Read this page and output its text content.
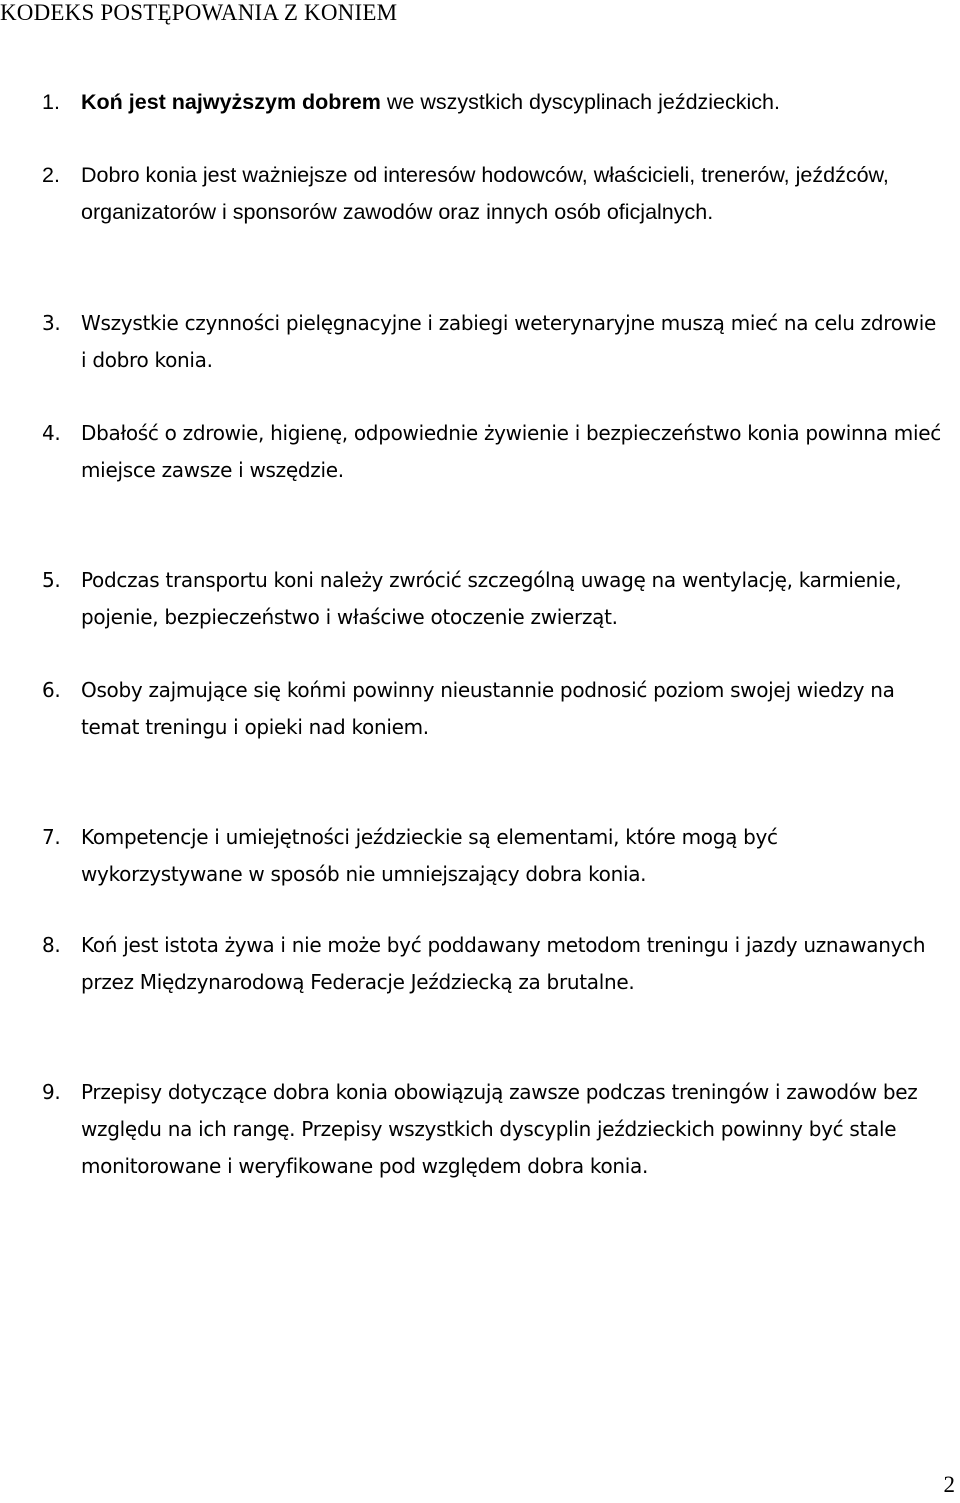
KODEKS POSTĘPOWANIA Z KONIEM
1. Koń jest najwyższym dobrem we wszystkich dyscyplinach jeździeckich.
2. Dobro konia jest ważniejsze od interesów hodowców, właścicieli, trenerów, jeźdźców, organizatorów i sponsorów zawodów oraz innych osób oficjalnych.
3.	Wszystkie czynności pielęgnacyjne i zabiegi weterynaryjne muszą mieć na celu zdrowie i dobro konia.
4.	Dbałość o zdrowie, higienę, odpowiednie żywienie i bezpieczeństwo konia powinna mieć miejsce zawsze i wszędzie.
5.	Podczas transportu koni należy zwrócić szczególną uwagę na wentylację, karmienie, pojenie, bezpieczeństwo i właściwe otoczenie zwierząt.
6.	Osoby zajmujące się końmi powinny nieustannie podnosić poziom swojej wiedzy na temat treningu i opieki nad koniem.
7.	Kompetencje i umiejętności jeździeckie są elementami, które mogą być wykorzystywane w sposób nie umniejszający dobra konia.
8.	Koń jest istota żywa i nie może być poddawany metodom treningu i jazdy uznawanych przez Międzynarodową Federacje Jeździecką za brutalne.
9.	Przepisy dotyczące dobra konia obowiązują zawsze podczas treningów i zawodów bez względu na ich rangę. Przepisy wszystkich dyscyplin jeździeckich powinny być stale monitorowane i weryfikowane pod względem dobra konia.
2
